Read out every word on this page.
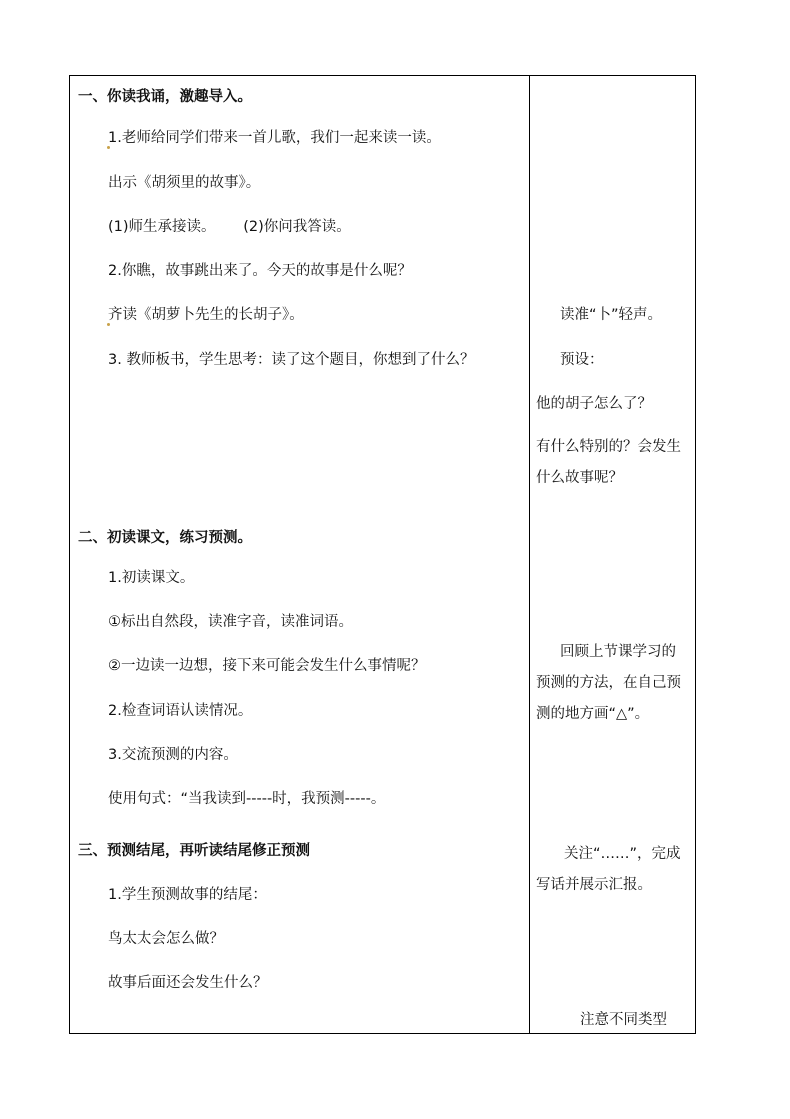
一、你读我诵，激趣导入。
1.老师给同学们带来一首儿歌，我们一起来读一读。
出示《胡须里的故事》。
(1)师生承接读。      (2)你问我答读。
2.你瞧，故事跳出来了。今天的故事是什么呢？
齐读《胡萝卜先生的长胡子》。
3. 教师板书，学生思考：读了这个题目，你想到了什么？
二、初读课文，练习预测。
1.初读课文。
①标出自然段，读准字音，读准词语。
②一边读一边想，接下来可能会发生什么事情呢？
2.检查词语认读情况。
3.交流预测的内容。
使用句式：“当我读到-----时，我预测-----。
三、预测结尾，再听读结尾修正预测
1.学生预测故事的结尾：
鸟太太会怎么做？
故事后面还会发生什么？
读准“卜”轻声。
预设：
他的胡子怎么了？
有什么特别的？会发生什么故事呢？
回顾上节课学习的预测的方法，在自己预测的地方画“△”。
关注“……”，完成写话并展示汇报。
注意不同类型
